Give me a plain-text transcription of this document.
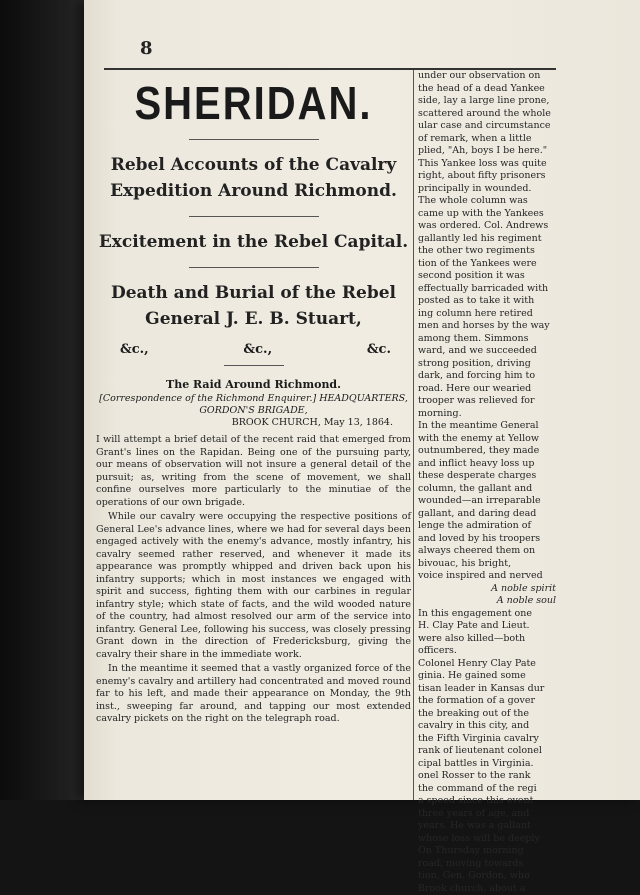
8
SHERIDAN.
Rebel Accounts of the Cavalry Expedition Around Richmond.
Excitement in the Rebel Capital.
Death and Burial of the Rebel General J. E. B. Stuart,
&c.,	&c.,	&c.
The Raid Around Richmond.
[Correspondence of the Richmond Enquirer.] HEADQUARTERS, GORDON'S BRIGADE,
BROOK CHURCH, May 13, 1864.

I will attempt a brief detail of the recent raid that emerged from Grant's lines on the Rapidan. Being one of the pursuing party, our means of observation will not insure a general detail of the pursuit; as, writing from the scene of movement, we shall confine ourselves more particularly to the minutiae of the operations of our own brigade.

While our cavalry were occupying the respective positions of General Lee's advance lines, where we had for several days been engaged actively with the enemy's advance, mostly infantry, his cavalry seemed rather reserved, and whenever it made its appearance was promptly whipped and driven back upon his infantry supports; which in most instances we engaged with spirit and success, fighting them with our carbines in regular infantry style; which state of facts, and the wild wooded nature of the country, had almost resolved our arm of the service into infantry. General Lee, following his success, was closely pressing Grant down in the direction of Fredericksburg, giving the cavalry their share in the immediate work.

In the meantime it seemed that a vastly organized force of the enemy's cavalry and artillery had concentrated and moved round far to his left, and made their appearance on Monday, the 9th inst., sweeping far around, and tapping our most extended cavalry pickets on the right on the telegraph road.

under our observation on

the head of a dead Yankee

side, lay a large line prone,

scattered around the whole

ular case and circumstance

of remark, when a little

plied, "Ah, boys I be here."

This Yankee loss was quite

right, about fifty prisoners

principally in wounded.

The whole column was

came up with the Yankees

was ordered. Col. Andrews

gallantly led his regiment

the other two regiments

tion of the Yankees were

second position it was

effectually barricaded with

posted as to take it with

ing column here retired

men and horses by the way

among them. Simmons

ward, and we succeeded

strong position, driving

dark, and forcing him to

road. Here our wearied

trooper was relieved for

morning.

In the meantime General

with the enemy at Yellow

outnumbered, they made

and inflict heavy loss up

these desperate charges

column, the gallant and

wounded—an irreparable

gallant, and daring dead

lenge the admiration of

and loved by his troopers

always cheered them on

bivouac, his bright,

voice inspired and nerved

A noble spirit

A noble soul

In this engagement one

H. Clay Pate and Lieut.

were also killed—both

officers.

Colonel Henry Clay Pate

ginia. He gained some

tisan leader in Kansas dur

the formation of a gover

the breaking out of the

cavalry in this city, and

the Fifth Virginia cavalry

rank of lieutenant colonel

cipal battles in Virginia.

onel Rosser to the rank

the command of the regi

a speed since this event

three years of age, and

years. He was a gallant

whose loss will be deeply

On Thursday morning

road, moving towards

tion, Gen. Gordon, who

Brook church, about a
